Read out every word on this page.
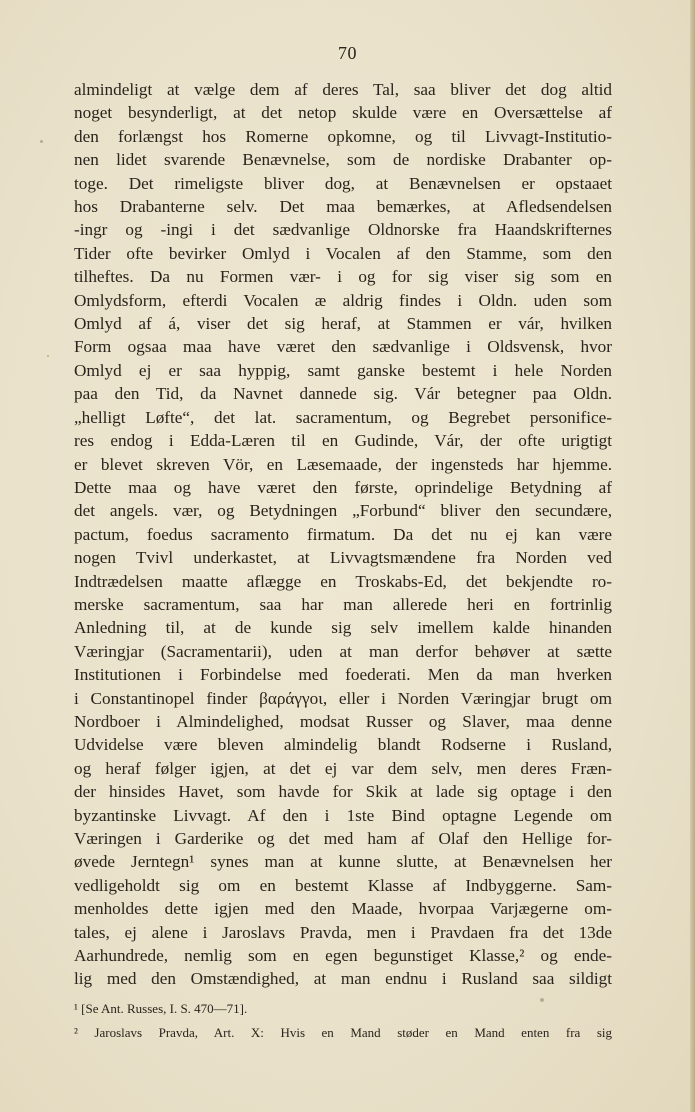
70
almindeligt at vælge dem af deres Tal, saa bliver det dog altid
noget besynderligt, at det netop skulde være en Oversættelse af
den forlængst hos Romerne opkomne, og til Livvagt-Institutio-
nen lidet svarende Benævnelse, som de nordiske Drabanter op-
toge. Det rimeligste bliver dog, at Benævnelsen er opstaaet
hos Drabanterne selv. Det maa bemærkes, at Afledsendelsen
-ingr og -ingi i det sædvanlige Oldnorske fra Haandskrifternes
Tider ofte bevirker Omlyd i Vocalen af den Stamme, som den
tilheftes. Da nu Formen vær- i og for sig viser sig som en
Omlydsform, efterdi Vocalen æ aldrig findes i Oldn. uden som
Omlyd af á, viser det sig heraf, at Stammen er vár, hvilken
Form ogsaa maa have været den sædvanlige i Oldsvensk, hvor
Omlyd ej er saa hyppig, samt ganske bestemt i hele Norden
paa den Tid, da Navnet dannede sig. Vár betegner paa Oldn.
„helligt Løfte“, det lat. sacramentum, og Begrebet personifice-
res endog i Edda-Læren til en Gudinde, Vár, der ofte urigtigt
er blevet skreven Vör, en Læsemaade, der ingensteds har hjemme.
Dette maa og have været den første, oprindelige Betydning af
det angels. vær, og Betydningen „Forbund“ bliver den secundære,
pactum, foedus sacramento firmatum. Da det nu ej kan være
nogen Tvivl underkastet, at Livvagtsmændene fra Norden ved
Indtrædelsen maatte aflægge en Troskabs-Ed, det bekjendte ro-
merske sacramentum, saa har man allerede heri en fortrinlig
Anledning til, at de kunde sig selv imellem kalde hinanden
Væringjar (Sacramentarii), uden at man derfor behøver at sætte
Institutionen i Forbindelse med foederati. Men da man hverken
i Constantinopel finder βαράγγοι, eller i Norden Væringjar brugt om
Nordboer i Almindelighed, modsat Russer og Slaver, maa denne
Udvidelse være bleven almindelig blandt Rodserne i Rusland,
og heraf følger igjen, at det ej var dem selv, men deres Fræn-
der hinsides Havet, som havde for Skik at lade sig optage i den
byzantinske Livvagt. Af den i 1ste Bind optagne Legende om
Væringen i Garderike og det med ham af Olaf den Hellige for-
øvede Jerntegn¹ synes man at kunne slutte, at Benævnelsen her
vedligeholdt sig om en bestemt Klasse af Indbyggerne. Sam-
menholdes dette igjen med den Maade, hvorpaa Varjægerne om-
tales, ej alene i Jaroslavs Pravda, men i Pravdaen fra det 13de
Aarhundrede, nemlig som en egen begunstiget Klasse,² og endе-
lig med den Omstændighed, at man endnu i Rusland saa sildigt
¹ [Se Ant. Russes, I. S. 470—71].
² Jaroslavs Pravda, Art. X: Hvis en Mand støder en Mand enten fra sig
